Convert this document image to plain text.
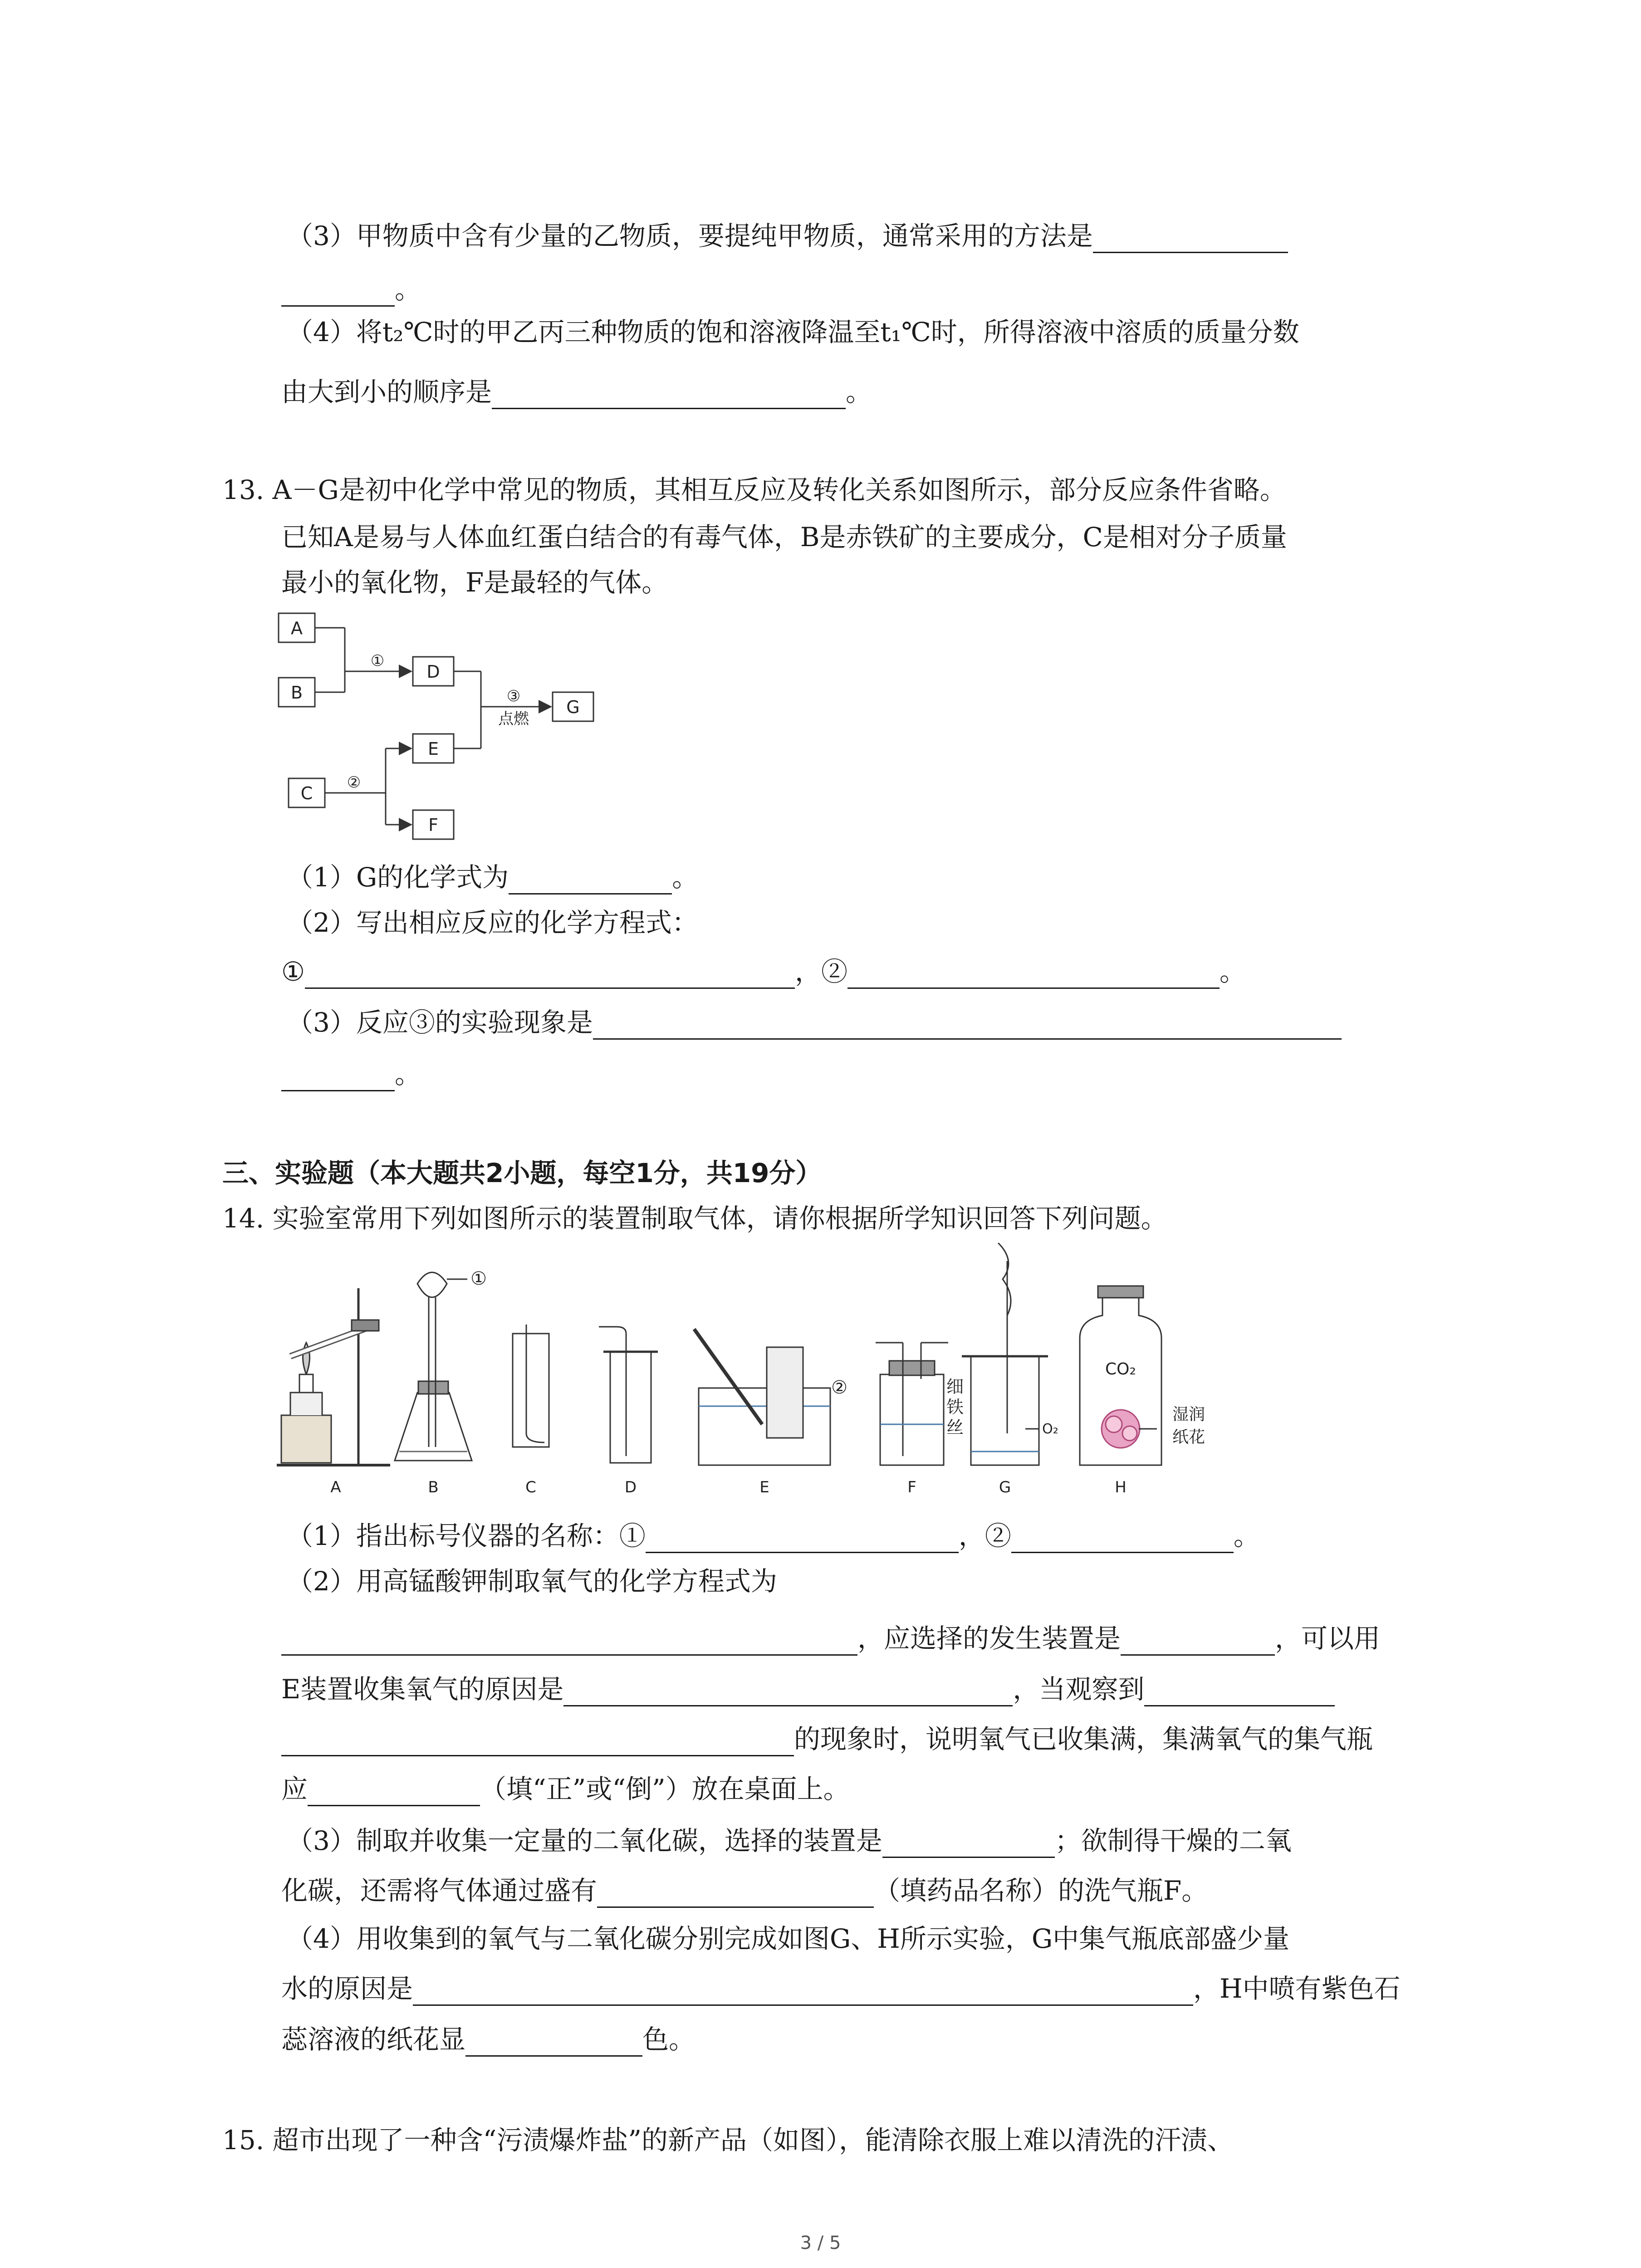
（3）甲物质中含有少量的乙物质，要提纯甲物质，通常采用的方法是
。
（4）将t₂℃时的甲乙丙三种物质的饱和溶液降温至t₁℃时，所得溶液中溶质的质量分数
由大到小的顺序是	。
13. A－G是初中化学中常见的物质，其相互反应及转化关系如图所示，部分反应条件省略。
已知A是易与人体血红蛋白结合的有毒气体，B是赤铁矿的主要成分，C是相对分子质量
最小的氧化物，F是最轻的气体。
A
B
D
G
C
E
F
①
②
③
点燃
（1）G的化学式为	。
（2）写出相应反应的化学方程式：
①	，②	。
（3）反应③的实验现象是
。
三、实验题（本大题共2小题，每空1分，共19分）
14. 实验室常用下列如图所示的装置制取气体，请你根据所学知识回答下列问题。
A	B	C	D	E	F	G	H
①
②	细
铁
丝	O₂
CO₂
湿润
纸花
（1）指出标号仪器的名称：①	，②	。
（2）用高锰酸钾制取氧气的化学方程式为
，应选择的发生装置是	，可以用
E装置收集氧气的原因是	，当观察到
的现象时，说明氧气已收集满，集满氧气的集气瓶
应	（填“正”或“倒”）放在桌面上。
（3）制取并收集一定量的二氧化碳，选择的装置是	；欲制得干燥的二氧
化碳，还需将气体通过盛有	（填药品名称）的洗气瓶F。
（4）用收集到的氧气与二氧化碳分别完成如图G、H所示实验，G中集气瓶底部盛少量
水的原因是	，H中喷有紫色石
蕊溶液的纸花显	色。
15. 超市出现了一种含“污渍爆炸盐”的新产品（如图），能清除衣服上难以清洗的汗渍、
3 / 5
